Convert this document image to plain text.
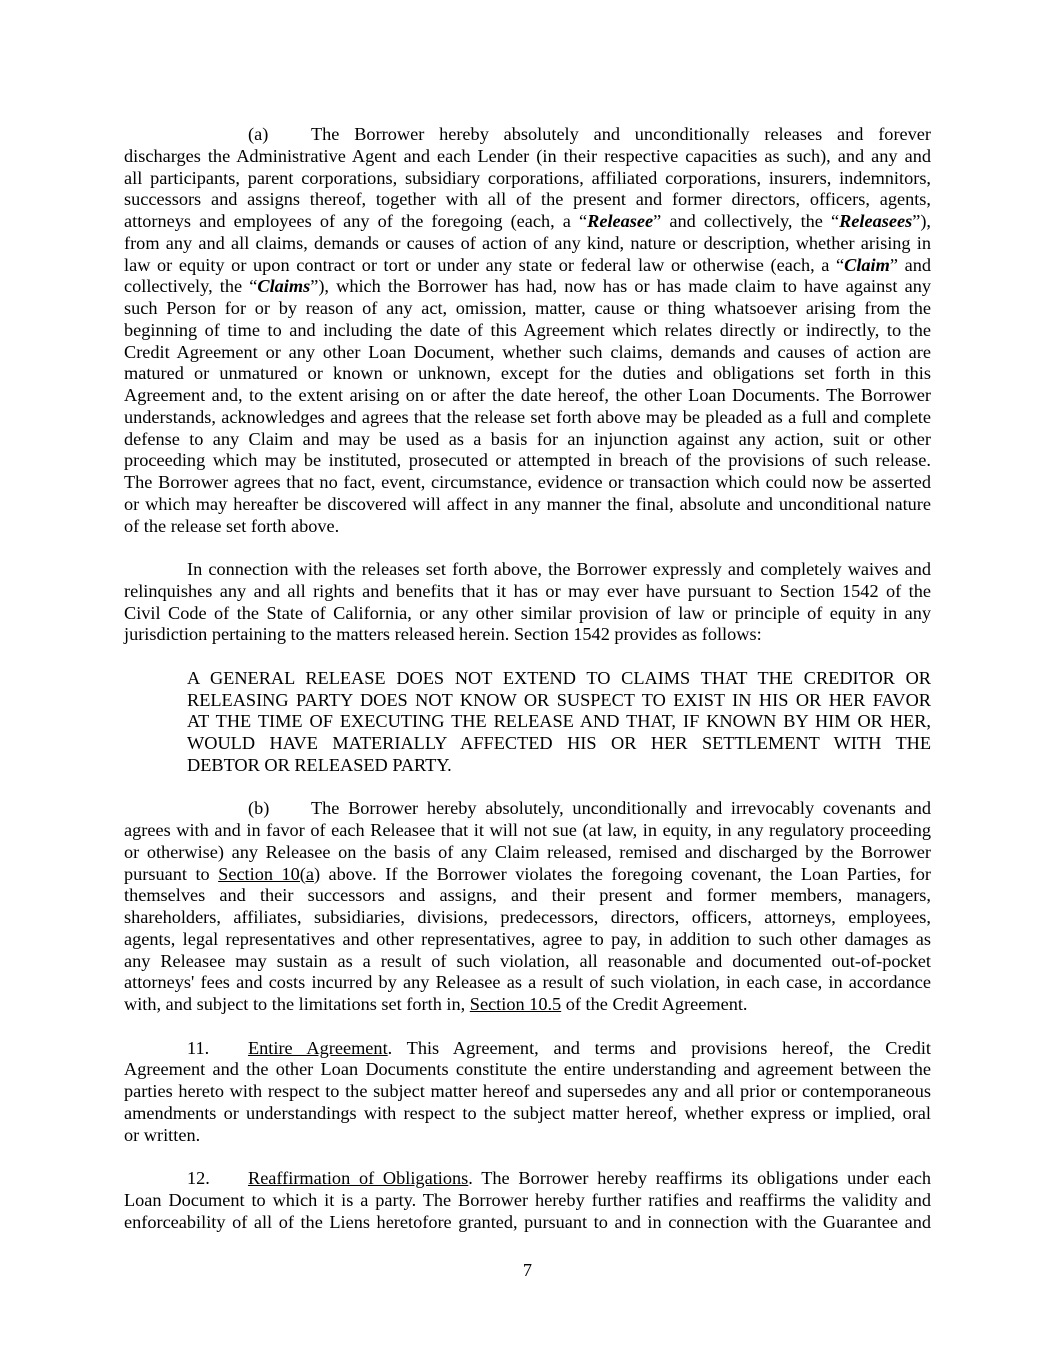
(a) The Borrower hereby absolutely and unconditionally releases and forever
discharges the Administrative Agent and each Lender (in their respective capacities as such), and any and
all participants, parent corporations, subsidiary corporations, affiliated corporations, insurers, indemnitors,
successors and assigns thereof, together with all of the present and former directors, officers, agents,
attorneys and employees of any of the foregoing (each, a “Releasee” and collectively, the “Releasees”),
from any and all claims, demands or causes of action of any kind, nature or description, whether arising in
law or equity or upon contract or tort or under any state or federal law or otherwise (each, a “Claim” and
collectively, the “Claims”), which the Borrower has had, now has or has made claim to have against any
such Person for or by reason of any act, omission, matter, cause or thing whatsoever arising from the
beginning of time to and including the date of this Agreement which relates directly or indirectly, to the
Credit Agreement or any other Loan Document, whether such claims, demands and causes of action are
matured or unmatured or known or unknown, except for the duties and obligations set forth in this
Agreement and, to the extent arising on or after the date hereof, the other Loan Documents. The Borrower
understands, acknowledges and agrees that the release set forth above may be pleaded as a full and complete
defense to any Claim and may be used as a basis for an injunction against any action, suit or other
proceeding which may be instituted, prosecuted or attempted in breach of the provisions of such release.
The Borrower agrees that no fact, event, circumstance, evidence or transaction which could now be asserted
or which may hereafter be discovered will affect in any manner the final, absolute and unconditional nature
of the release set forth above.
In connection with the releases set forth above, the Borrower expressly and completely waives and
relinquishes any and all rights and benefits that it has or may ever have pursuant to Section 1542 of the
Civil Code of the State of California, or any other similar provision of law or principle of equity in any
jurisdiction pertaining to the matters released herein. Section 1542 provides as follows:
A GENERAL RELEASE DOES NOT EXTEND TO CLAIMS THAT THE CREDITOR OR
RELEASING PARTY DOES NOT KNOW OR SUSPECT TO EXIST IN HIS OR HER FAVOR
AT THE TIME OF EXECUTING THE RELEASE AND THAT, IF KNOWN BY HIM OR HER,
WOULD HAVE MATERIALLY AFFECTED HIS OR HER SETTLEMENT WITH THE
DEBTOR OR RELEASED PARTY.
(b) The Borrower hereby absolutely, unconditionally and irrevocably covenants and
agrees with and in favor of each Releasee that it will not sue (at law, in equity, in any regulatory proceeding
or otherwise) any Releasee on the basis of any Claim released, remised and discharged by the Borrower
pursuant to Section 10(a) above. If the Borrower violates the foregoing covenant, the Loan Parties, for
themselves and their successors and assigns, and their present and former members, managers,
shareholders, affiliates, subsidiaries, divisions, predecessors, directors, officers, attorneys, employees,
agents, legal representatives and other representatives, agree to pay, in addition to such other damages as
any Releasee may sustain as a result of such violation, all reasonable and documented out-of-pocket
attorneys' fees and costs incurred by any Releasee as a result of such violation, in each case, in accordance
with, and subject to the limitations set forth in, Section 10.5 of the Credit Agreement.
11. Entire Agreement. This Agreement, and terms and provisions hereof, the Credit
Agreement and the other Loan Documents constitute the entire understanding and agreement between the
parties hereto with respect to the subject matter hereof and supersedes any and all prior or contemporaneous
amendments or understandings with respect to the subject matter hereof, whether express or implied, oral
or written.
12. Reaffirmation of Obligations. The Borrower hereby reaffirms its obligations under each
Loan Document to which it is a party. The Borrower hereby further ratifies and reaffirms the validity and
enforceability of all of the Liens heretofore granted, pursuant to and in connection with the Guarantee and
7
